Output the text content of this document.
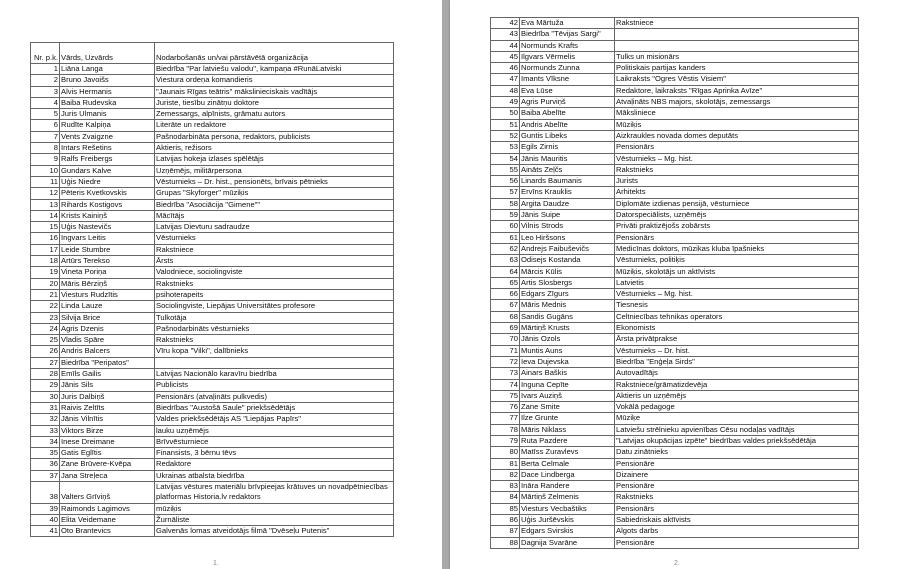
Nr. p.k.	Vārds, Uzvārds	Nodarbošanās un/vai pārstāvētā organizācija
1	Liāna Langa	Biedrība "Par latviešu valodu", kampaņa #RunāLatviski
2	Bruno Javoišs	Viestura ordeņa komandieris
3	Alvis Hermanis	"Jaunais Rīgas teātris" mākslinieciskais vadītājs
4	Baiba Rudevska	Juriste, tiesību zinātņu doktore
5	Juris Ulmanis	Zemessargs, alpīnists, grāmatu autors
6	Rudīte Kalpiņa	Literāte un redaktore
7	Vents Zvaigzne	Pašnodarbināta persona, redaktors, publicists
8	Intars Rešetins	Aktieris, režisors
9	Ralfs Freibergs	Latvijas hokeja izlases spēlētājs
10	Gundars Kalve	Uzņēmējs, militārpersona
11	Uģis Niedre	Vēsturnieks – Dr. hist., pensionēts, brīvais pētnieks
12	Pēteris Kvetkovskis	Grupas "Skyforger" mūziķis
13	Rihards Kostigovs	Biedrība "Asociācija "Gimene""
14	Krists Kainiņš	Mācītājs
15	Uģis Nastevičs	Latvijas Dievturu sadraudze
16	Ingvars Leitis	Vēsturnieks
17	Leide Stumbre	Rakstniece
18	Artūrs Terekso	Ārsts
19	Vineta Poriņa	Valodniece, sociolingviste
20	Māris Bērziņš	Rakstnieks
21	Viesturs Rudzītis	psihoterapeits
22	Linda Lauze	Sociolingviste, Liepājas Universitātes profesore
23	Silvija Brice	Tulkotāja
24	Agris Dzenis	Pašnodarbināts vēsturnieks
25	Vladis Spāre	Rakstnieks
26	Andris Balcers	Vīru kopa "Vilki", dalībnieks
27	Biedrība "Peripatos"	
28	Emīls Gailis	Latvijas Nacionālo karavīru biedrība
29	Jānis Sils	Publicists
30	Juris Dalbiņš	Pensionārs (atvaļināts pulkvedis)
31	Raivis Zeltīts	Biedrības "Austošā Saule" priekšsēdētājs
32	Jānis Vilnītis	Valdes priekšsēdētājs AS "Liepājas Papīrs"
33	Viktors Birze	lauku uzņēmējs
34	Inese Dreimane	Brīvvēsturniece
35	Gatis Eglītis	Finansists, 3 bērnu tēvs
36	Zane Brūvere-Kvēpa	Redaktore
37	Jana Streļeca	Ukrainas atbalsta biedrība
38	Valters Grīviņš	Latvijas vēstures materiālu brīvpieejas krātuves un novadpētniecības platformas Historia.lv redaktors
39	Raimonds Lagimovs	mūziķis
40	Elita Veidemane	Žurnāliste
41	Oto Brantevics	Galvenās lomas atveidotājs filmā "Dvēseļu Putenis"
1.
42	Eva Mārtuža	Rakstniece
43	Biedrība "Tēvijas Sargi"	
44	Normunds Krafts	
45	Ilgvars Vērmelis	Tulks un misionārs
46	Normunds Zunna	Politiskais partijas kanders
47	Imants Vīksne	Laikraksts "Ogres Vēstis Visiem"
48	Eva Lūse	Redaktore, laikraksts "Rīgas Aprinka Avīze"
49	Agris Purviņš	Atvaļināts NBS majors, skolotājs, zemessargs
50	Baiba Abelīte	Māksliniece
51	Andris Abelīte	Mūziķis
52	Guntis Libeks	Aizkraukles novada domes deputāts
53	Egils Zirnis	Pensionārs
54	Jānis Mauritis	Vēsturnieks – Mg. hist.
55	Aināts Zeļčs	Rakstnieks
56	Linards Baumanis	Jurists
57	Ervīns Krauklis	Arhitekts
58	Argita Daudze	Diplomāte izdienas pensijā, vēsturniece
59	Jānis Suipe	Datorspeciālists, uzņēmējs
60	Vilnis Strods	Privāti praktizējošs zobārsts
61	Leo Hiršsons	Pensionārs
62	Andrejs Faibuševičs	Medicīnas doktors, mūzikas kluba īpašnieks
63	Odisejs Kostanda	Vēsturnieks, politiķis
64	Mārcis Kūlis	Mūziķis, skolotājs un aktīvists
65	Artis Slosbergs	Latvietis
66	Edgars Zīgurs	Vēsturnieks – Mg. hist.
67	Māris Mednis	Tiesnesis
68	Sandis Gugāns	Celtniecības tehnikas operators
69	Mārtiņš Krusts	Ekonomists
70	Jānis Ozols	Ārsta privātprakse
71	Muntis Auns	Vēsturnieks – Dr. hist.
72	Ieva Dujevska	Biedrība "Enģeļa Sirds"
73	Ainars Baškis	Autovadītājs
74	Inguna Cepīte	Rakstniece/grāmatizdevēja
75	Ivars Auziņš	Aktieris un uzņēmējs
76	Zane Smite	Vokālā pedagoge
77	Ilze Grunte	Mūziķe
78	Māris Niklass	Latviešu strēlnieku apvienības Cēsu nodaļas vadītājs
79	Ruta Pazdere	"Latvijas okupācijas izpēte" biedrības valdes priekšsēdētāja
80	Matīss Zuravlevs	Datu zinātnieks
81	Berta Celmale	Pensionāre
82	Dace Lindberga	Dizainere
83	Ināra Randere	Pensionāre
84	Mārtiņš Zelmenis	Rakstnieks
85	Viesturs Vecbaštiks	Pensionārs
86	Uģis Juršēvskis	Sabiedriskais aktīvists
87	Edgars Svirskis	Algots darbs
88	Dagnija Svarāne	Pensionāre
2.
